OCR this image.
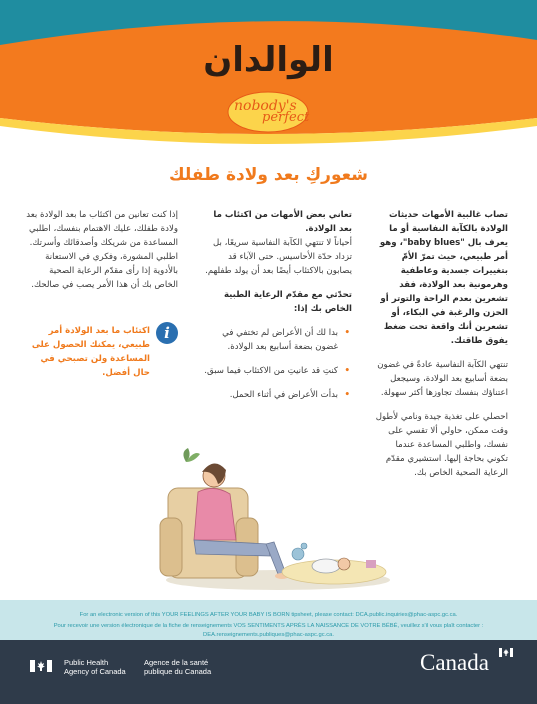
الوالدان
nobody's
perfect
شعوركِ بعد ولادة طفلك

تصاب غالبية الأمهات حديثات الولادة بالكآبة النفاسية أو ما يعرف بال "baby blues"، وهو أمر طبيعي، حيث تمرّ الأمّ بتغييرات جسدية وعاطفية وهرمونية بعد الولادة، فقد تشعرين بعدم الراحة والتوتر أو الحزن والرغبة في البكاء، أو تشعرين أنك واقعة تحت ضغط يفوق طاقتك.

تنتهي الكآبة النفاسية عادةً في غضون بضعة أسابيع بعد الولادة، وسيجعل اعتناؤك بنفسك تجاوزها أكثر سهولة.

احصلي على تغذية جيدة ونامي لأطول وقت ممكن، حاولي ألا تقسي على نفسك، واطلبي المساعدة عندما تكوني بحاجة إليها. استشيري مقدّم الرعاية الصحية الخاص بك.

تعاني بعض الأمهات من اكتئاب ما بعد الولادة.

أحياناً لا تنتهي الكآبة النفاسية سريعًا، بل تزداد حدّة الأحاسيس. حتى الآباء قد يصابون بالاكتئاب أيضًا بعد أن يولد طفلهم.

تحدّثي مع مقدّم الرعاية الطبية الخاص بك إذا:

• بدا لك أن الأعراض لم تختفي في غضون بضعة أسابيع بعد الولادة.
• كنتِ قد عانيتِ من الاكتئاب فيما سبق.
• بدأت الأعراض في أثناء الحمل.

إذا كنت تعانين من اكتئاب ما بعد الولادة بعد ولادة طفلك، عليك الاهتمام بنفسك، اطلبي المساعدة من شريكك وأصدقائك وأسرتك. اطلبي المشورة، وفكري في الاستعانة بالأدوية إذا رأى مقدّم الرعاية الصحية الخاص بك أن هذا الأمر يصب في صالحك.

i
اكتئاب ما بعد الولادة أمر طبيعي، يمكنك الحصول على المساعدة ولن تصبحي في حال أفضل.
For an electronic version of this YOUR FEELINGS AFTER YOUR BABY IS BORN tipsheet, please contact: DCA.public.inquiries@phac-aspc.gc.ca.
Pour recevoir une version électronique de la fiche de renseignements VOS SENTIMENTS APRÈS LA NAISSANCE DE VOTRE BÉBÉ, veuillez s'il vous plaît contacter :
DEA.renseignements.publiques@phac-aspc.gc.ca.
Public Health
Agency of Canada
Agence de la santé
publique du Canada	Canada
